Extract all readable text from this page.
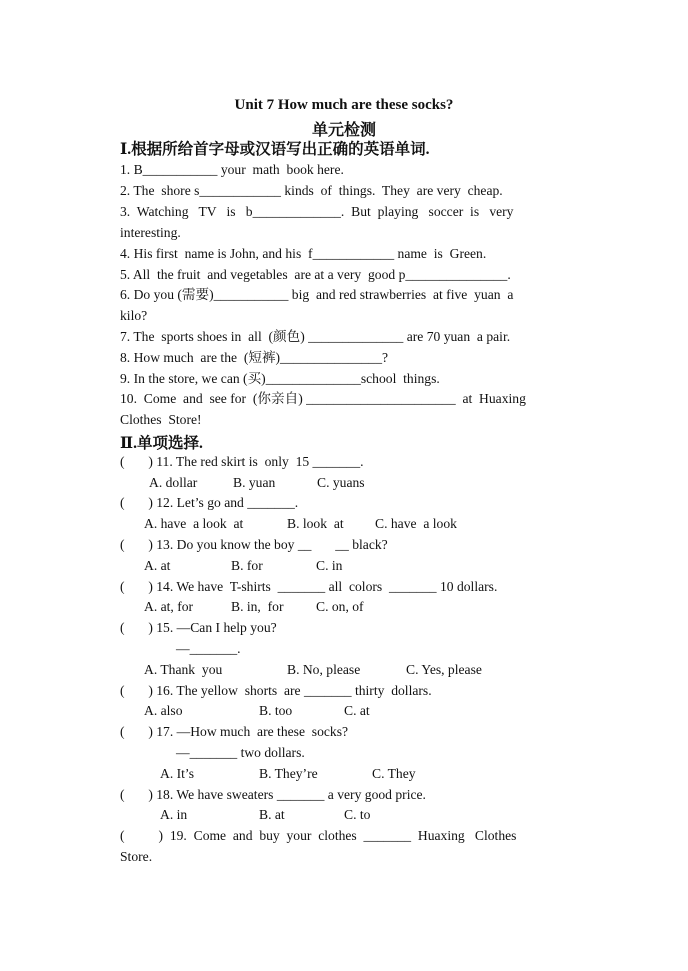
Unit 7 How much are these socks?
单元检测
Ⅰ.根据所给首字母或汉语写出正确的英语单词.
1. B___________ your  math  book here.
2. The  shore s____________ kinds  of  things.  They  are very  cheap.
3.  Watching   TV   is   b_____________.  But  playing   soccer  is   very
interesting.
4. His first  name is John, and his  f____________ name  is  Green.
5. All  the fruit  and vegetables  are at a very  good p_______________.
6. Do you (需要)___________ big  and red strawberries  at five  yuan  a
kilo?
7. The  sports shoes in  all  (颜色) ______________ are 70 yuan  a pair.
8. How much  are the  (短裤)_______________?
9. In the store, we can (买)______________school  things.
10.  Come  and  see for  (你亲自) ______________________  at  Huaxing
Clothes  Store!
Ⅱ.单项选择.
(       ) 11. The red skirt is  only  15 _______.
A. dollar	B. yuan	C. yuans
(       ) 12. Let’s go and _______.
A. have  a look  at	B. look  at C. have  a look
(       ) 13. Do you know the boy __       __ black?
A. at	B. for	C. in
(       ) 14. We have  T-shirts  _______ all  colors  _______ 10 dollars.
A. at, for	B. in,  for C. on, of
(       ) 15. —Can I help you?
—_______.
A. Thank  you	B. No, please	C. Yes, please
(       ) 16. The yellow  shorts  are _______ thirty  dollars.
A. also	B. too	C. at
(       ) 17. —How much  are these  socks?
—_______ two dollars.
A. It’s	B. They’re	C. They
(       ) 18. We have sweaters _______ a very good price.
A. in	B. at	C. to
(          )  19.  Come  and  buy  your  clothes  _______  Huaxing   Clothes
Store.
